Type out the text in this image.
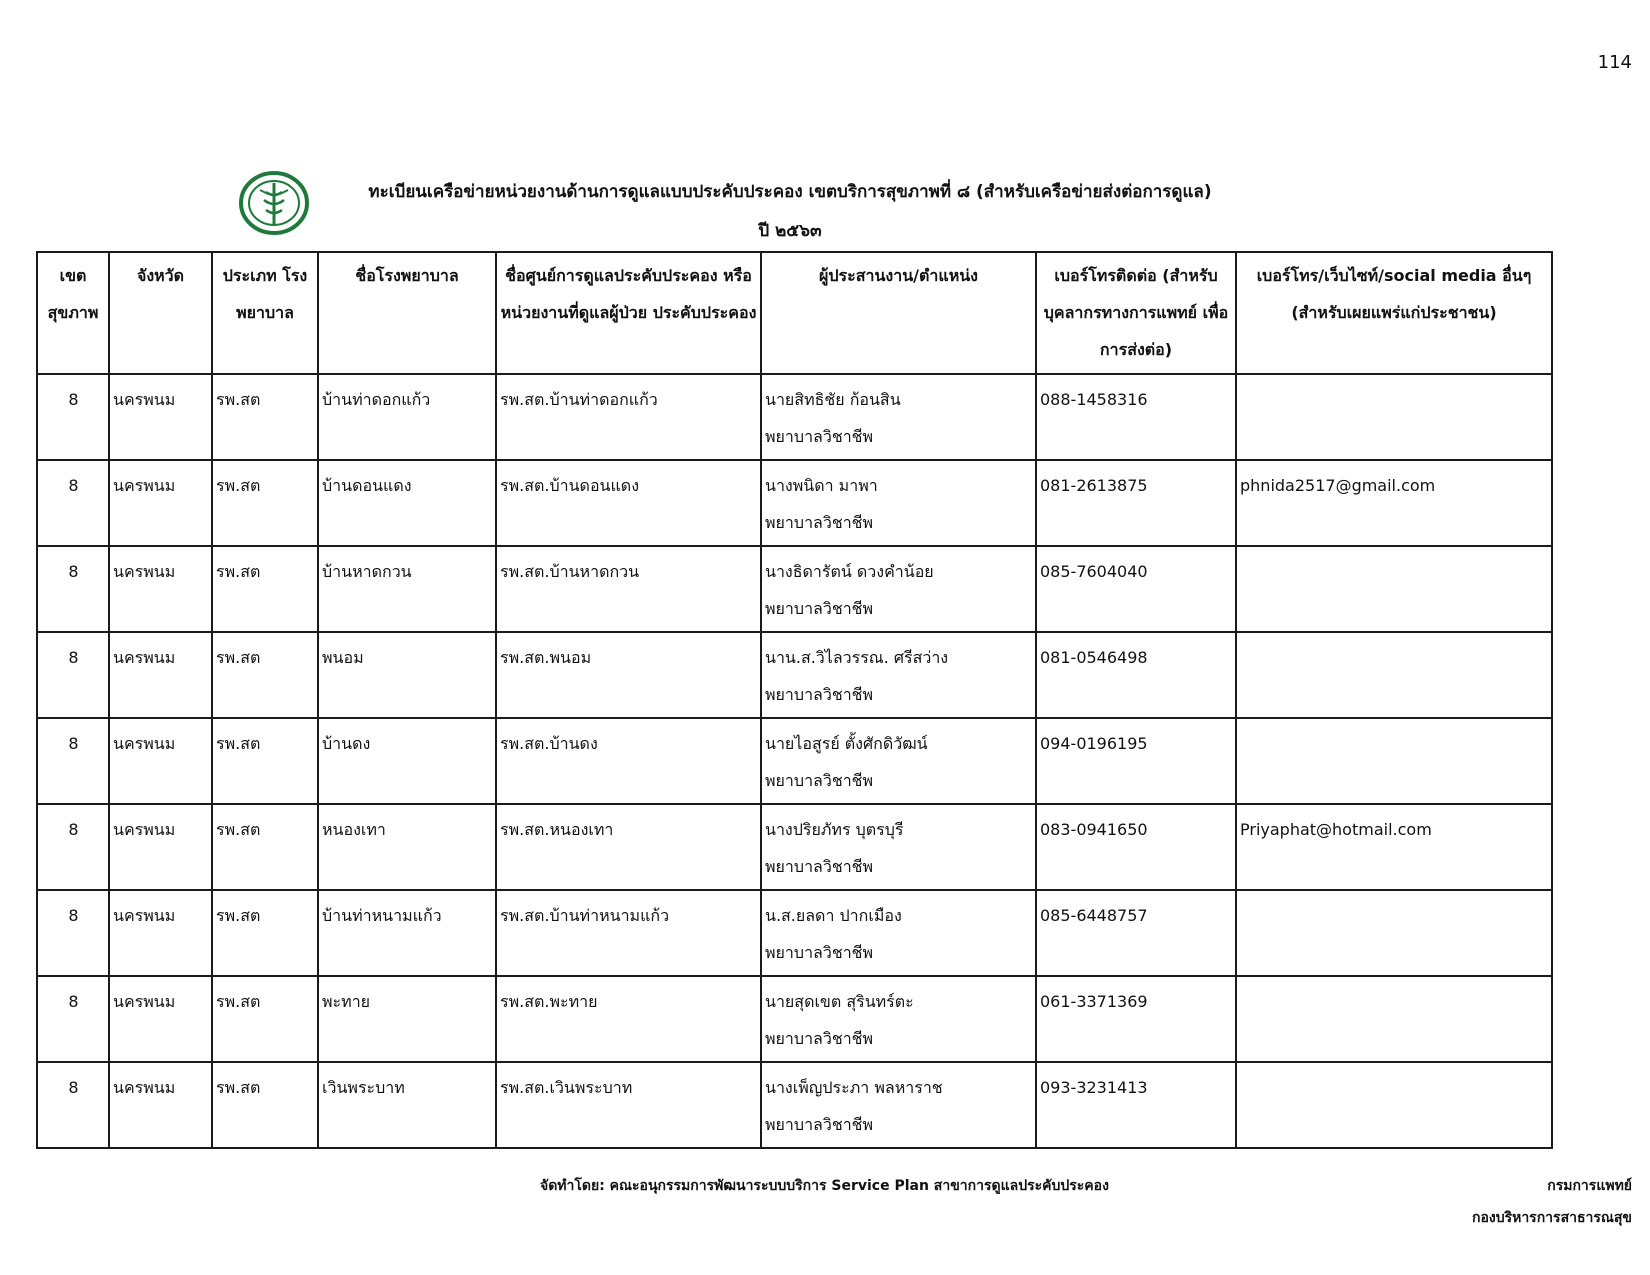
114
ทะเบียนเครือข่ายหน่วยงานด้านการดูแลแบบประคับประคอง เขตบริการสุขภาพที่ ๘ (สำหรับเครือข่ายส่งต่อการดูแล)
ปี ๒๕๖๓
เขต สุขภาพ	จังหวัด	ประเภท โรงพยาบาล	ชื่อโรงพยาบาล	ชื่อศูนย์การดูแลประคับประคอง หรือ หน่วยงานที่ดูแลผู้ป่วย ประคับประคอง	ผู้ประสานงาน/ตำแหน่ง	เบอร์โทรติดต่อ (สำหรับ บุคลากรทางการแพทย์ เพื่อการส่งต่อ)	เบอร์โทร/เว็บไซท์/social media อื่นๆ (สำหรับเผยแพร่แก่ประชาชน)
8	นครพนม	รพ.สต	บ้านท่าดอกแก้ว	รพ.สต.บ้านท่าดอกแก้ว	นายสิทธิชัย ก้อนสิน
พยาบาลวิชาชีพ	088-1458316	
8	นครพนม	รพ.สต	บ้านดอนแดง	รพ.สต.บ้านดอนแดง	นางพนิดา มาพา
พยาบาลวิชาชีพ	081-2613875	phnida2517@gmail.com
8	นครพนม	รพ.สต	บ้านหาดกวน	รพ.สต.บ้านหาดกวน	นางธิดารัตน์ ดวงคำน้อย
พยาบาลวิชาชีพ	085-7604040	
8	นครพนม	รพ.สต	พนอม	รพ.สต.พนอม	นาน.ส.วิไลวรรณ. ศรีสว่าง
พยาบาลวิชาชีพ	081-0546498	
8	นครพนม	รพ.สต	บ้านดง	รพ.สต.บ้านดง	นายไอสูรย์ ตั้งศักดิวัฒน์
พยาบาลวิชาชีพ	094-0196195	
8	นครพนม	รพ.สต	หนองเทา	รพ.สต.หนองเทา	นางปริยภัทร บุตรบุรี
พยาบาลวิชาชีพ	083-0941650	Priyaphat@hotmail.com
8	นครพนม	รพ.สต	บ้านท่าหนามแก้ว	รพ.สต.บ้านท่าหนามแก้ว	น.ส.ยลดา ปากเมือง
พยาบาลวิชาชีพ	085-6448757	
8	นครพนม	รพ.สต	พะทาย	รพ.สต.พะทาย	นายสุดเขต สุรินทร์ตะ
พยาบาลวิชาชีพ	061-3371369	
8	นครพนม	รพ.สต	เวินพระบาท	รพ.สต.เวินพระบาท	นางเพ็ญประภา พลหาราช
พยาบาลวิชาชีพ	093-3231413	
จัดทำโดย: คณะอนุกรรมการพัฒนาระบบบริการ Service Plan สาขาการดูแลประคับประคอง	กรมการแพทย์
กองบริหารการสาธารณสุข
